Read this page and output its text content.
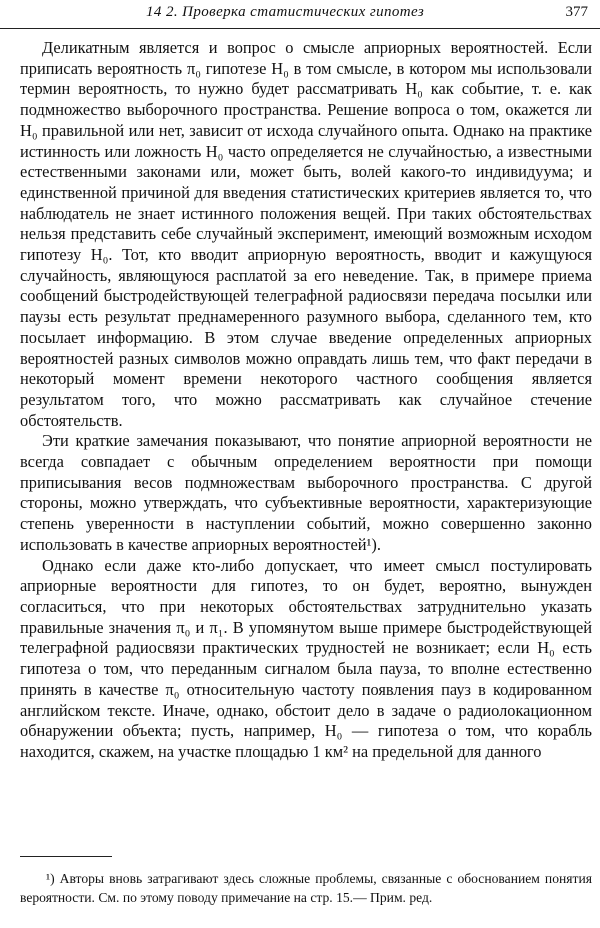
14 2. Проверка статистических гипотез	377

Деликатным является и вопрос о смысле априорных вероятностей. Если приписать вероятность π₀ гипотезе H₀ в том смысле, в котором мы использовали термин вероятность, то нужно будет рассматривать H₀ как событие, т. е. как подмножество выборочного пространства. Решение вопроса о том, окажется ли H₀ правильной или нет, зависит от исхода случайного опыта. Однако на практике истинность или ложность H₀ часто определяется не случайностью, а известными естественными законами или, может быть, волей какого-то индивидуума; и единственной причиной для введения статистических критериев является то, что наблюдатель не знает истинного положения вещей. При таких обстоятельствах нельзя представить себе случайный эксперимент, имеющий возможным исходом гипотезу H₀. Тот, кто вводит априорную вероятность, вводит и кажущуюся случайность, являющуюся расплатой за его неведение. Так, в примере приема сообщений быстродействующей телеграфной радиосвязи передача посылки или паузы есть результат преднамеренного разумного выбора, сделанного тем, кто посылает информацию. В этом случае введение определенных априорных вероятностей разных символов можно оправдать лишь тем, что факт передачи в некоторый момент времени некоторого частного сообщения является результатом того, что можно рассматривать как случайное стечение обстоятельств.

Эти краткие замечания показывают, что понятие априорной вероятности не всегда совпадает с обычным определением вероятности при помощи приписывания весов подмножествам выборочного пространства. С другой стороны, можно утверждать, что субъективные вероятности, характеризующие степень уверенности в наступлении событий, можно совершенно законно использовать в качестве априорных вероятностей¹).

Однако если даже кто-либо допускает, что имеет смысл постулировать априорные вероятности для гипотез, то он будет, вероятно, вынужден согласиться, что при некоторых обстоятельствах затруднительно указать правильные значения π₀ и π₁. В упомянутом выше примере быстродействующей телеграфной радиосвязи практических трудностей не возникает; если H₀ есть гипотеза о том, что переданным сигналом была пауза, то вполне естественно принять в качестве π₀ относительную частоту появления пауз в кодированном английском тексте. Иначе, однако, обстоит дело в задаче о радиолокационном обнаружении объекта; пусть, например, H₀ — гипотеза о том, что корабль находится, скажем, на участке площадью 1 км² на предельной для данного

¹) Авторы вновь затрагивают здесь сложные проблемы, связанные с обоснованием понятия вероятности. См. по этому поводу примечание на стр. 15.— Прим. ред.
